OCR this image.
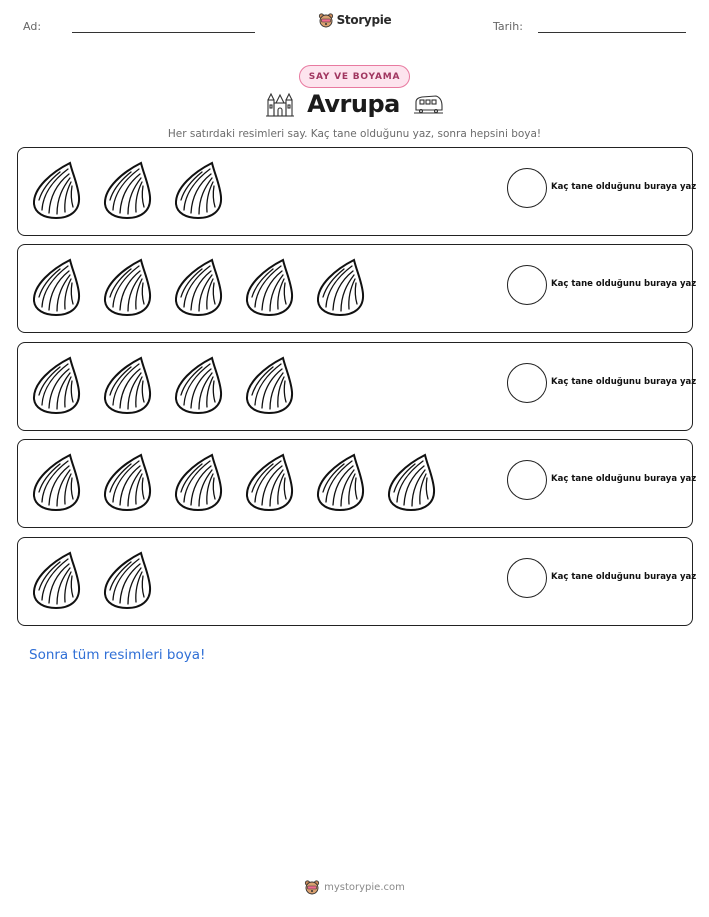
Ad:	Storypie	Tarih:
SAY VE BOYAMA
Avrupa
Her satırdaki resimleri say. Kaç tane olduğunu yaz, sonra hepsini boya!
Kaç tane olduğunu buraya yaz
Kaç tane olduğunu buraya yaz
Kaç tane olduğunu buraya yaz
Kaç tane olduğunu buraya yaz
Kaç tane olduğunu buraya yaz
Sonra tüm resimleri boya!
mystorypie.com
